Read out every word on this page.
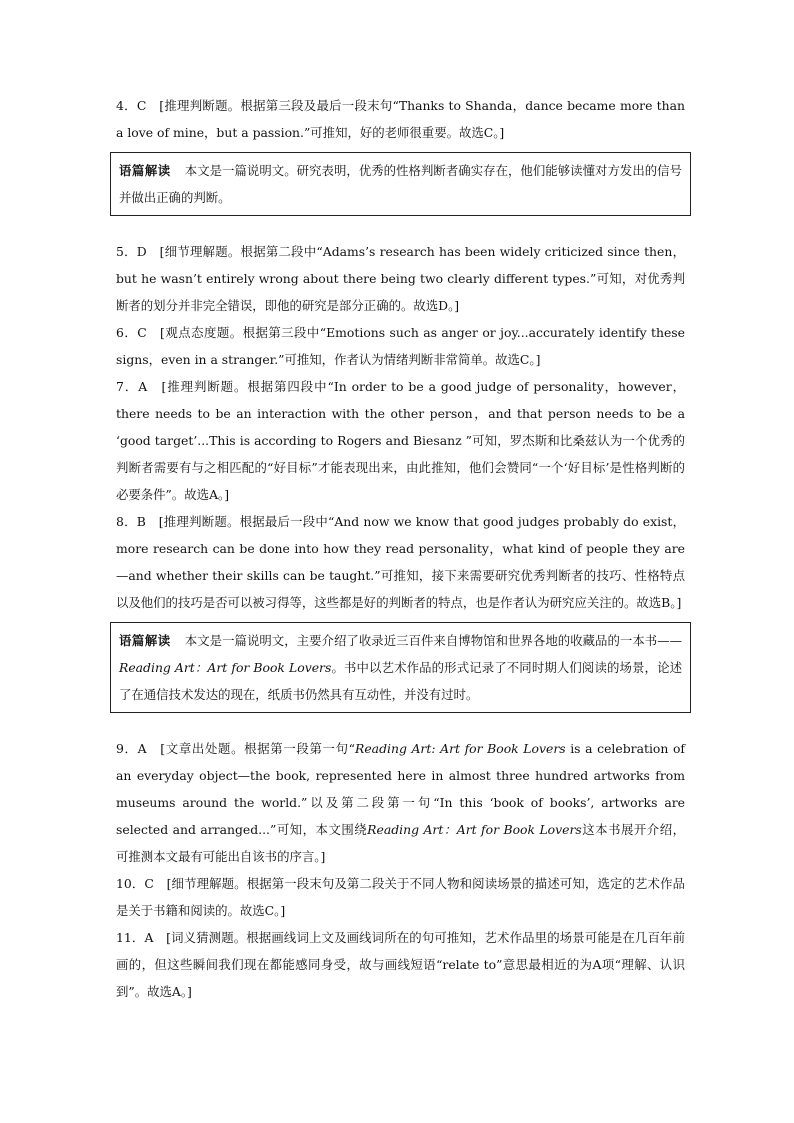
4．C　[推理判断题。根据第三段及最后一段末句“Thanks to Shanda，dance became more than a love of mine，but a passion.”可推知，好的老师很重要。故选C。]

语篇解读 本文是一篇说明文。研究表明，优秀的性格判断者确实存在，他们能够读懂对方发出的信号并做出正确的判断。

5．D　[细节理解题。根据第二段中“Adams’s research has been widely criticized since then，but he wasn’t entirely wrong about there being two clearly different types.”可知，对优秀判断者的划分并非完全错误，即他的研究是部分正确的。故选D。]

6．C　[观点态度题。根据第三段中“Emotions such as anger or joy...accurately identify these signs，even in a stranger.”可推知，作者认为情绪判断非常简单。故选C。]

7．A　[推理判断题。根据第四段中“In order to be a good judge of personality，however，there needs to be an interaction with the other person，and that person needs to be a ‘good target’...This is according to Rogers and Biesanz ”可知，罗杰斯和比桑兹认为一个优秀的判断者需要有与之相匹配的“好目标”才能表现出来，由此推知，他们会赞同“一个‘好目标’是性格判断的必要条件”。故选A。]

8．B　[推理判断题。根据最后一段中“And now we know that good judges probably do exist，more research can be done into how they read personality，what kind of people they are—and whether their skills can be taught.”可推知，接下来需要研究优秀判断者的技巧、性格特点以及他们的技巧是否可以被习得等，这些都是好的判断者的特点，也是作者认为研究应关注的。故选B。]

语篇解读 本文是一篇说明文，主要介绍了收录近三百件来自博物馆和世界各地的收藏品的一本书——Reading Art：Art for Book Lovers。书中以艺术作品的形式记录了不同时期人们阅读的场景，论述了在通信技术发达的现在，纸质书仍然具有互动性，并没有过时。

9．A　[文章出处题。根据第一段第一句“Reading Art: Art for Book Lovers is a celebration of an everyday object—the book, represented here in almost three hundred artworks from museums around the world.”以及第二段第一句“In this ‘book of books’, artworks are selected and arranged...”可知，本文围绕Reading Art：Art for Book Lovers这本书展开介绍，可推测本文最有可能出自该书的序言。]

10．C　[细节理解题。根据第一段末句及第二段关于不同人物和阅读场景的描述可知，选定的艺术作品是关于书籍和阅读的。故选C。]

11．A　[词义猜测题。根据画线词上文及画线词所在的句可推知，艺术作品里的场景可能是在几百年前画的，但这些瞬间我们现在都能感同身受，故与画线短语“relate to”意思最相近的为A项“理解、认识到”。故选A。]
